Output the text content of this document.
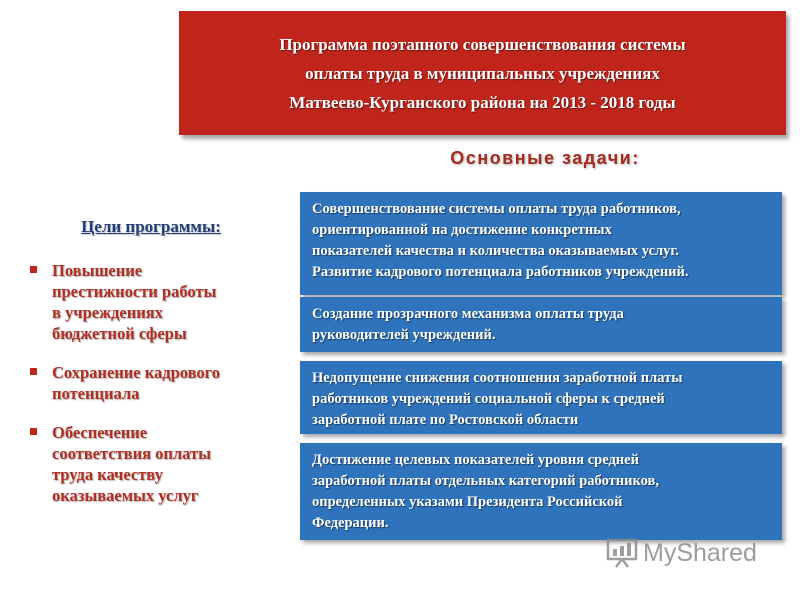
Программа поэтапного совершенствования системы
оплаты труда в муниципальных учреждениях
Матвеево-Курганского района на 2013 - 2018 годы
Основные задачи:
Цели программы:
Повышение
престижности работы
в учреждениях
бюджетной сферы
Сохранение кадрового
потенциала
Обеспечение
соответствия оплаты
труда качеству
оказываемых услуг
Совершенствование системы оплаты труда работников,
ориентированной на достижение конкретных
показателей качества и количества оказываемых услуг.
Развитие кадрового потенциала работников учреждений.
Создание прозрачного механизма оплаты труда
руководителей учреждений.
Недопущение снижения соотношения заработной платы
работников учреждений социальной сферы к средней
заработной плате по Ростовской области
Достижение целевых показателей уровня средней
заработной платы отдельных категорий работников,
определенных указами Президента Российской
Федерации.
MyShared
